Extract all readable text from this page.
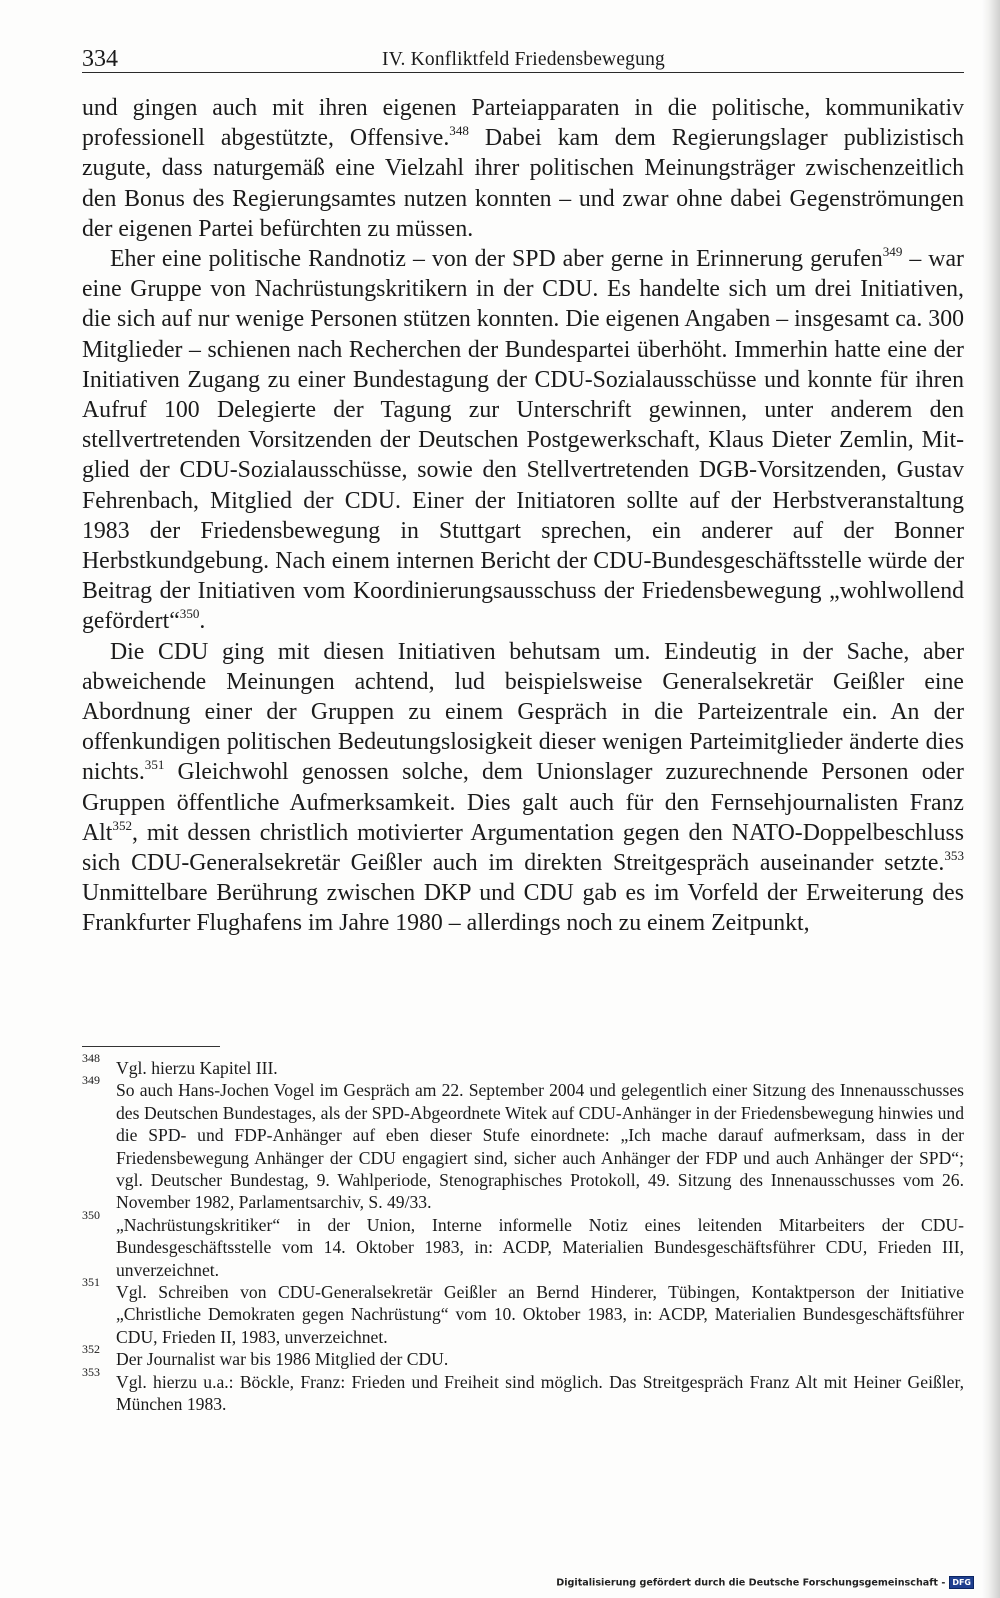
334	IV. Konfliktfeld Friedensbewegung

und gingen auch mit ihren eigenen Parteiapparaten in die politische, kommunikativ professionell abgestützte, Offensive.$^{348}$ Dabei kam dem Regierungslager publizistisch zugute, dass naturgemäß eine Vielzahl ihrer politischen Meinungsträger zwischenzeitlich den Bonus des Regierungsamtes nutzen konnten – und zwar ohne dabei Gegenströmungen der eigenen Partei befürchten zu müssen.

Eher eine politische Randnotiz – von der SPD aber gerne in Erinnerung gerufen$^{349}$ – war eine Gruppe von Nachrüstungskritikern in der CDU. Es handelte sich um drei Initiativen, die sich auf nur wenige Personen stützen konnten. Die eigenen Angaben – insgesamt ca. 300 Mitglieder – schienen nach Recherchen der Bundespartei überhöht. Immerhin hatte eine der Initiativen Zugang zu einer Bundestagung der CDU-Sozialausschüsse und konnte für ihren Aufruf 100 Delegierte der Tagung zur Unterschrift gewinnen, unter anderem den stellvertretenden Vorsitzenden der Deutschen Postgewerkschaft, Klaus Dieter Zemlin, Mitglied der CDU-Sozialausschüsse, sowie den Stellvertretenden DGB-Vorsitzenden, Gustav Fehrenbach, Mitglied der CDU. Einer der Initiatoren sollte auf der Herbstveranstaltung 1983 der Friedensbewegung in Stuttgart sprechen, ein anderer auf der Bonner Herbstkundgebung. Nach einem internen Bericht der CDU-Bundesgeschäftsstelle würde der Beitrag der Initiativen vom Koordinierungsausschuss der Friedensbewegung „wohlwollend gefördert“$^{350}$.

Die CDU ging mit diesen Initiativen behutsam um. Eindeutig in der Sache, aber abweichende Meinungen achtend, lud beispielsweise Generalsekretär Geißler eine Abordnung einer der Gruppen zu einem Gespräch in die Parteizentrale ein. An der offenkundigen politischen Bedeutungslosigkeit dieser wenigen Parteimitglieder änderte dies nichts.$^{351}$ Gleichwohl genossen solche, dem Unionslager zuzurechnende Personen oder Gruppen öffentliche Aufmerksamkeit. Dies galt auch für den Fernsehjournalisten Franz Alt$^{352}$, mit dessen christlich motivierter Argumentation gegen den NATO-Doppelbeschluss sich CDU-Generalsekretär Geißler auch im direkten Streitgespräch auseinander setzte.$^{353}$ Unmittelbare Berührung zwischen DKP und CDU gab es im Vorfeld der Erweiterung des Frankfurter Flughafens im Jahre 1980 – allerdings noch zu einem Zeitpunkt,

348 Vgl. hierzu Kapitel III.
349 So auch Hans-Jochen Vogel im Gespräch am 22. September 2004 und gelegentlich einer Sitzung des Innenausschusses des Deutschen Bundestages, als der SPD-Abgeordnete Witek auf CDU-Anhänger in der Friedensbewegung hinwies und die SPD- und FDP-Anhänger auf eben dieser Stufe einordnete: „Ich mache darauf aufmerksam, dass in der Friedensbewegung Anhänger der CDU engagiert sind, sicher auch Anhänger der FDP und auch Anhänger der SPD“; vgl. Deutscher Bundestag, 9. Wahlperiode, Stenographisches Protokoll, 49. Sitzung des Innenausschusses vom 26. November 1982, Parlamentsarchiv, S. 49/33.
350 „Nachrüstungskritiker“ in der Union, Interne informelle Notiz eines leitenden Mitarbeiters der CDU-Bundesgeschäftsstelle vom 14. Oktober 1983, in: ACDP, Materialien Bundesgeschäftsführer CDU, Frieden III, unverzeichnet.
351 Vgl. Schreiben von CDU-Generalsekretär Geißler an Bernd Hinderer, Tübingen, Kontaktperson der Initiative „Christliche Demokraten gegen Nachrüstung“ vom 10. Oktober 1983, in: ACDP, Materialien Bundesgeschäftsführer CDU, Frieden II, 1983, unverzeichnet.
352 Der Journalist war bis 1986 Mitglied der CDU.
353 Vgl. hierzu u.a.: Böckle, Franz: Frieden und Freiheit sind möglich. Das Streitgespräch Franz Alt mit Heiner Geißler, München 1983.
Digitalisierung gefördert durch die Deutsche Forschungsgemeinschaft - DFG
